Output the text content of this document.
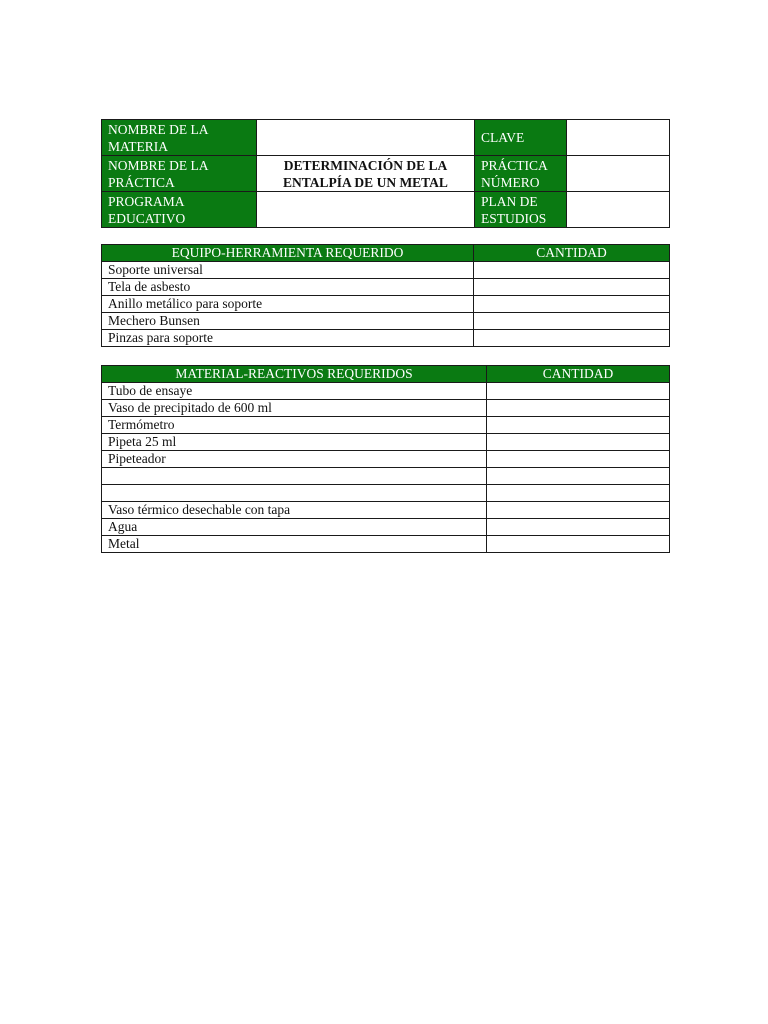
NOMBRE DE LA MATERIA		CLAVE	
NOMBRE DE LA PRÁCTICA	DETERMINACIÓN DE LA ENTALPÍA DE UN METAL	PRÁCTICA NÚMERO	
PROGRAMA EDUCATIVO		PLAN DE ESTUDIOS	
EQUIPO-HERRAMIENTA REQUERIDO	CANTIDAD
Soporte universal	
Tela de asbesto	
Anillo metálico para soporte	
Mechero Bunsen	
Pinzas para soporte	
MATERIAL-REACTIVOS REQUERIDOS	CANTIDAD
Tubo de ensaye	
Vaso de precipitado de 600 ml	
Termómetro	
Pipeta 25 ml	
Pipeteador	

Vaso térmico desechable con tapa	
Agua	
Metal	
